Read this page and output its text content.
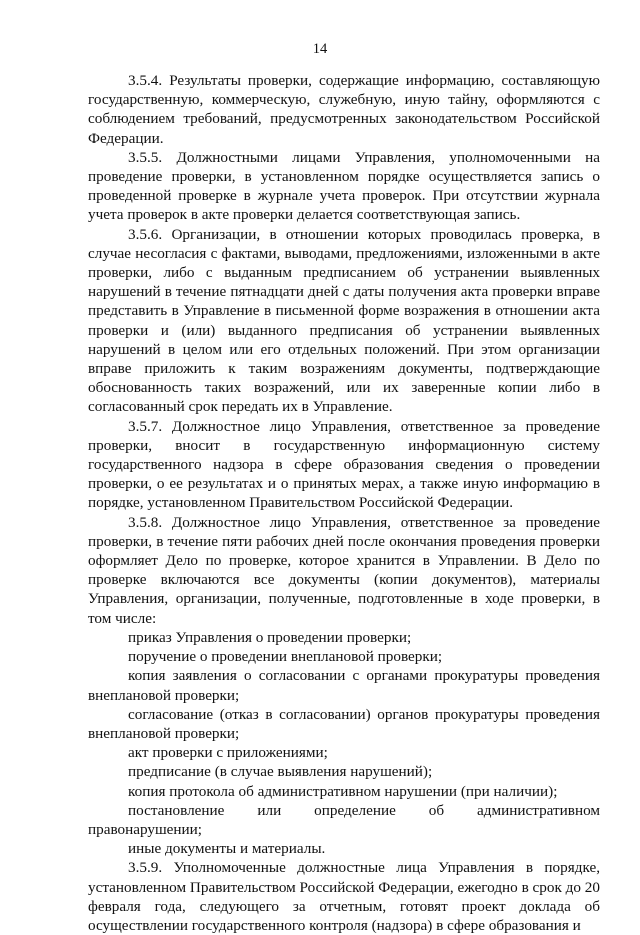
14

3.5.4. Результаты проверки, содержащие информацию, составляющую государственную, коммерческую, служебную, иную тайну, оформляются с соблюдением требований, предусмотренных законодательством Российской Федерации.

3.5.5. Должностными лицами Управления, уполномоченными на проведение проверки, в установленном порядке осуществляется запись о проведенной проверке в журнале учета проверок. При отсутствии журнала учета проверок в акте проверки делается соответствующая запись.

3.5.6. Организации, в отношении которых проводилась проверка, в случае несогласия с фактами, выводами, предложениями, изложенными в акте проверки, либо с выданным предписанием об устранении выявленных нарушений в течение пятнадцати дней с даты получения акта проверки вправе представить в Управление в письменной форме возражения в отношении акта проверки и (или) выданного предписания об устранении выявленных нарушений в целом или его отдельных положений. При этом организации вправе приложить к таким возражениям документы, подтверждающие обоснованность таких возражений, или их заверенные копии либо в согласованный срок передать их в Управление.

3.5.7. Должностное лицо Управления, ответственное за проведение проверки, вносит в государственную информационную систему государственного надзора в сфере образования сведения о проведении проверки, о ее результатах и о принятых мерах, а также иную информацию в порядке, установленном Правительством Российской Федерации.

3.5.8. Должностное лицо Управления, ответственное за проведение проверки, в течение пяти рабочих дней после окончания проведения проверки оформляет Дело по проверке, которое хранится в Управлении. В Дело по проверке включаются все документы (копии документов), материалы Управления, организации, полученные, подготовленные в ходе проверки, в том числе:

приказ Управления о проведении проверки;

поручение о проведении внеплановой проверки;

копия заявления о согласовании с органами прокуратуры проведения внеплановой проверки;

согласование (отказ в согласовании) органов прокуратуры проведения внеплановой проверки;

акт проверки с приложениями;

предписание (в случае выявления нарушений);

копия протокола об административном нарушении (при наличии);

постановление или определение об административном правонарушении;

иные документы и материалы.

3.5.9. Уполномоченные должностные лица Управления в порядке, установленном Правительством Российской Федерации, ежегодно в срок до 20 февраля года, следующего за отчетным, готовят проект доклада об осуществлении государственного контроля (надзора) в сфере образования и
